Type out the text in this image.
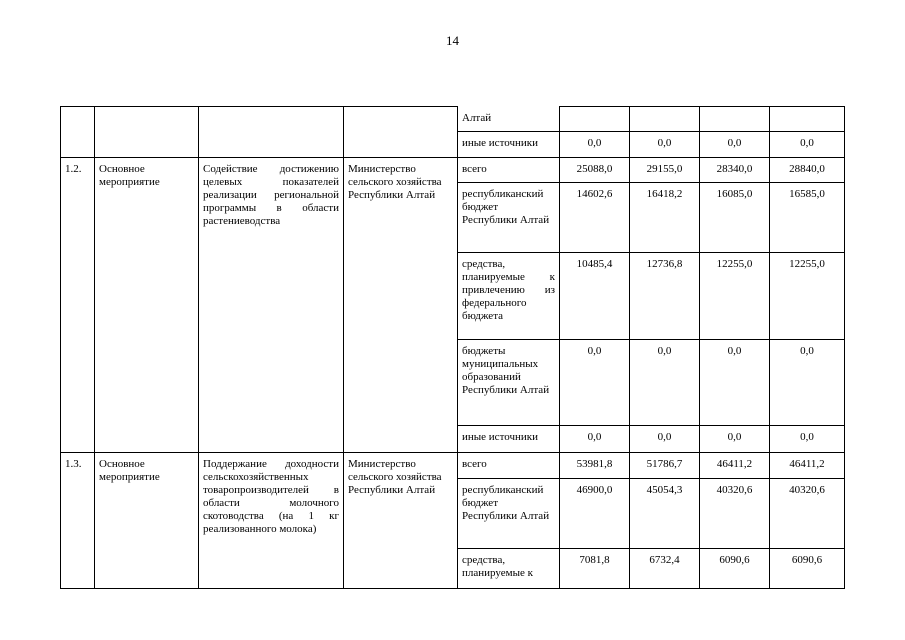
14
				Алтай				
				иные источники	0,0	0,0	0,0	0,0
1.2.	Основное мероприятие	Содействие достижению целевых показателей реализации региональной программы в области растениеводства	Министерство сельского хозяйства Республики Алтай	всего	25088,0	29155,0	28340,0	28840,0
				республиканский бюджет Республики Алтай	14602,6	16418,2	16085,0	16585,0
				средства, планируемые к привлечению из федерального бюджета	10485,4	12736,8	12255,0	12255,0
				бюджеты муниципальных образований Республики Алтай	0,0	0,0	0,0	0,0
				иные источники	0,0	0,0	0,0	0,0
1.3.	Основное мероприятие	Поддержание доходности сельскохозяйственных товаропроизводителей в области молочного скотоводства (на 1 кг реализованного молока)	Министерство сельского хозяйства Республики Алтай	всего	53981,8	51786,7	46411,2	46411,2
				республиканский бюджет Республики Алтай	46900,0	45054,3	40320,6	40320,6
				средства, планируемые к	7081,8	6732,4	6090,6	6090,6
